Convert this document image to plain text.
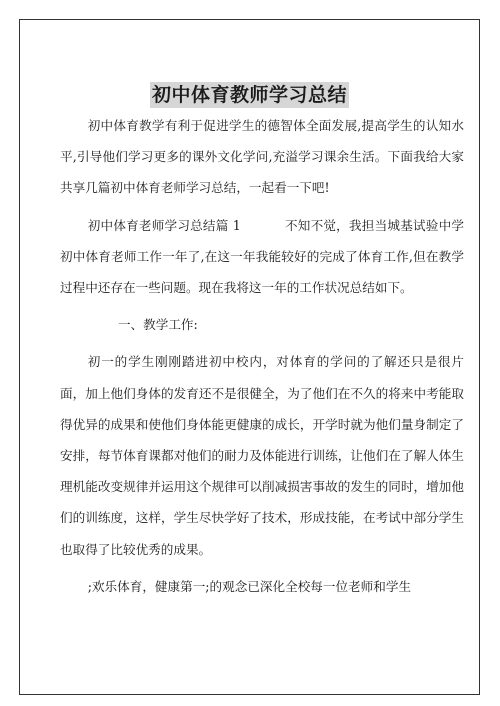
初中体育教师学习总结

初中体育教学有利于促进学生的德智体全面发展,提高学生的认知水平,引导他们学习更多的课外文化学问,充溢学习课余生活。下面我给大家共享几篇初中体育老师学习总结，一起看一下吧!

初中体育老师学习总结篇 1	不知不觉，我担当城基试验中学初中体育老师工作一年了,在这一年我能较好的完成了体育工作,但在教学过程中还存在一些问题。现在我将这一年的工作状况总结如下。

一、教学工作:

初一的学生刚刚踏进初中校内，对体育的学问的了解还只是很片面，加上他们身体的发育还不是很健全，为了他们在不久的将来中考能取得优异的成果和使他们身体能更健康的成长，开学时就为他们量身制定了安排，每节体育课都对他们的耐力及体能进行训练，让他们在了解人体生理机能改变规律并运用这个规律可以削减损害事故的发生的同时，增加他们的训练度，这样，学生尽快学好了技术，形成技能，在考试中部分学生也取得了比较优秀的成果。

;欢乐体育，健康第一;的观念已深化全校每一位老师和学生
